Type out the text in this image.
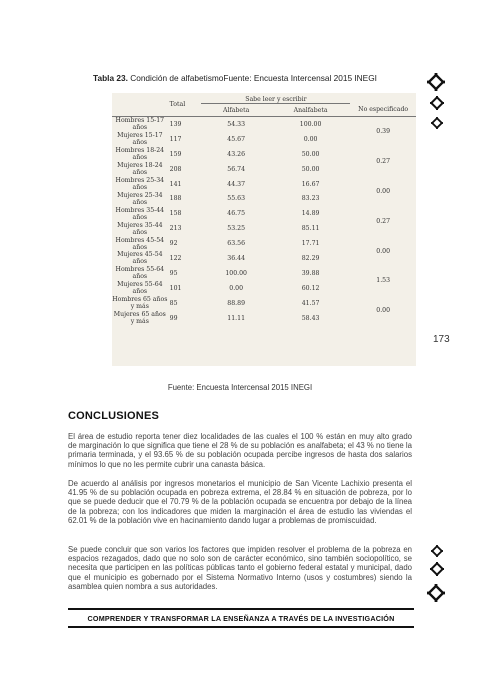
Tabla 23. Condición de alfabetismoFuente: Encuesta Intercensal 2015 INEGI
	Total	Sabe leer y escribir		
		Alfabeta	Analfabeta	No especificado
Hombres 15-17 años	139	54.33	100.00	0.39
Mujeres 15-17 años	117	45.67	0.00	
Hombres 18-24 años	159	43.26	50.00	0.27
Mujeres 18-24 años	208	56.74	50.00	
Hombres 25-34 años	141	44.37	16.67	0.00
Mujeres 25-34 años	188	55.63	83.23	
Hombres 35-44 años	158	46.75	14.89	0.27
Mujeres 35-44 años	213	53.25	85.11	
Hombres 45-54 años	92	63.56	17.71	0.00
Mujeres 45-54 años	122	36.44	82.29	
Hombres 55-64 años	95	100.00	39.88	1.53
Mujeres 55-64 años	101	0.00	60.12	
Hombres 65 años y más	85	88.89	41.57	0.00
Mujeres 65 años y más	99	11.11	58.43	
Fuente: Encuesta Intercensal 2015 INEGI
173
CONCLUSIONES
El área de estudio reporta tener diez localidades de las cuales el 100 % están en muy alto grado de marginación lo que significa que tiene el 28 % de su población es analfabeta; el 43 % no tiene la primaria terminada, y el 93.65 % de su población ocupada percibe ingresos de hasta dos salarios mínimos lo que no les permite cubrir una canasta básica.
De acuerdo al análisis por ingresos monetarios el municipio de San Vicente Lachixio presenta el 41.95 % de su población ocupada en pobreza extrema, el 28.84 % en situación de pobreza, por lo que se puede deducir que el 70.79 % de la población ocupada se encuentra por debajo de la línea de la pobreza; con los indicadores que miden la marginación el área de estudio las viviendas el 62.01 % de la población vive en hacinamiento dando lugar a problemas de promiscuidad.
Se puede concluir que son varios los factores que impiden resolver el problema de la pobreza en espacios rezagados, dado que no solo son de carácter económico, sino también sociopolítico, se necesita que participen en las políticas públicas tanto el gobierno federal estatal y municipal, dado que el municipio es gobernado por el Sistema Normativo Interno (usos y costumbres) siendo la asamblea quien nombra a sus autoridades.
COMPRENDER Y TRANSFORMAR LA ENSEÑANZA A TRAVÉS DE LA INVESTIGACIÓN
